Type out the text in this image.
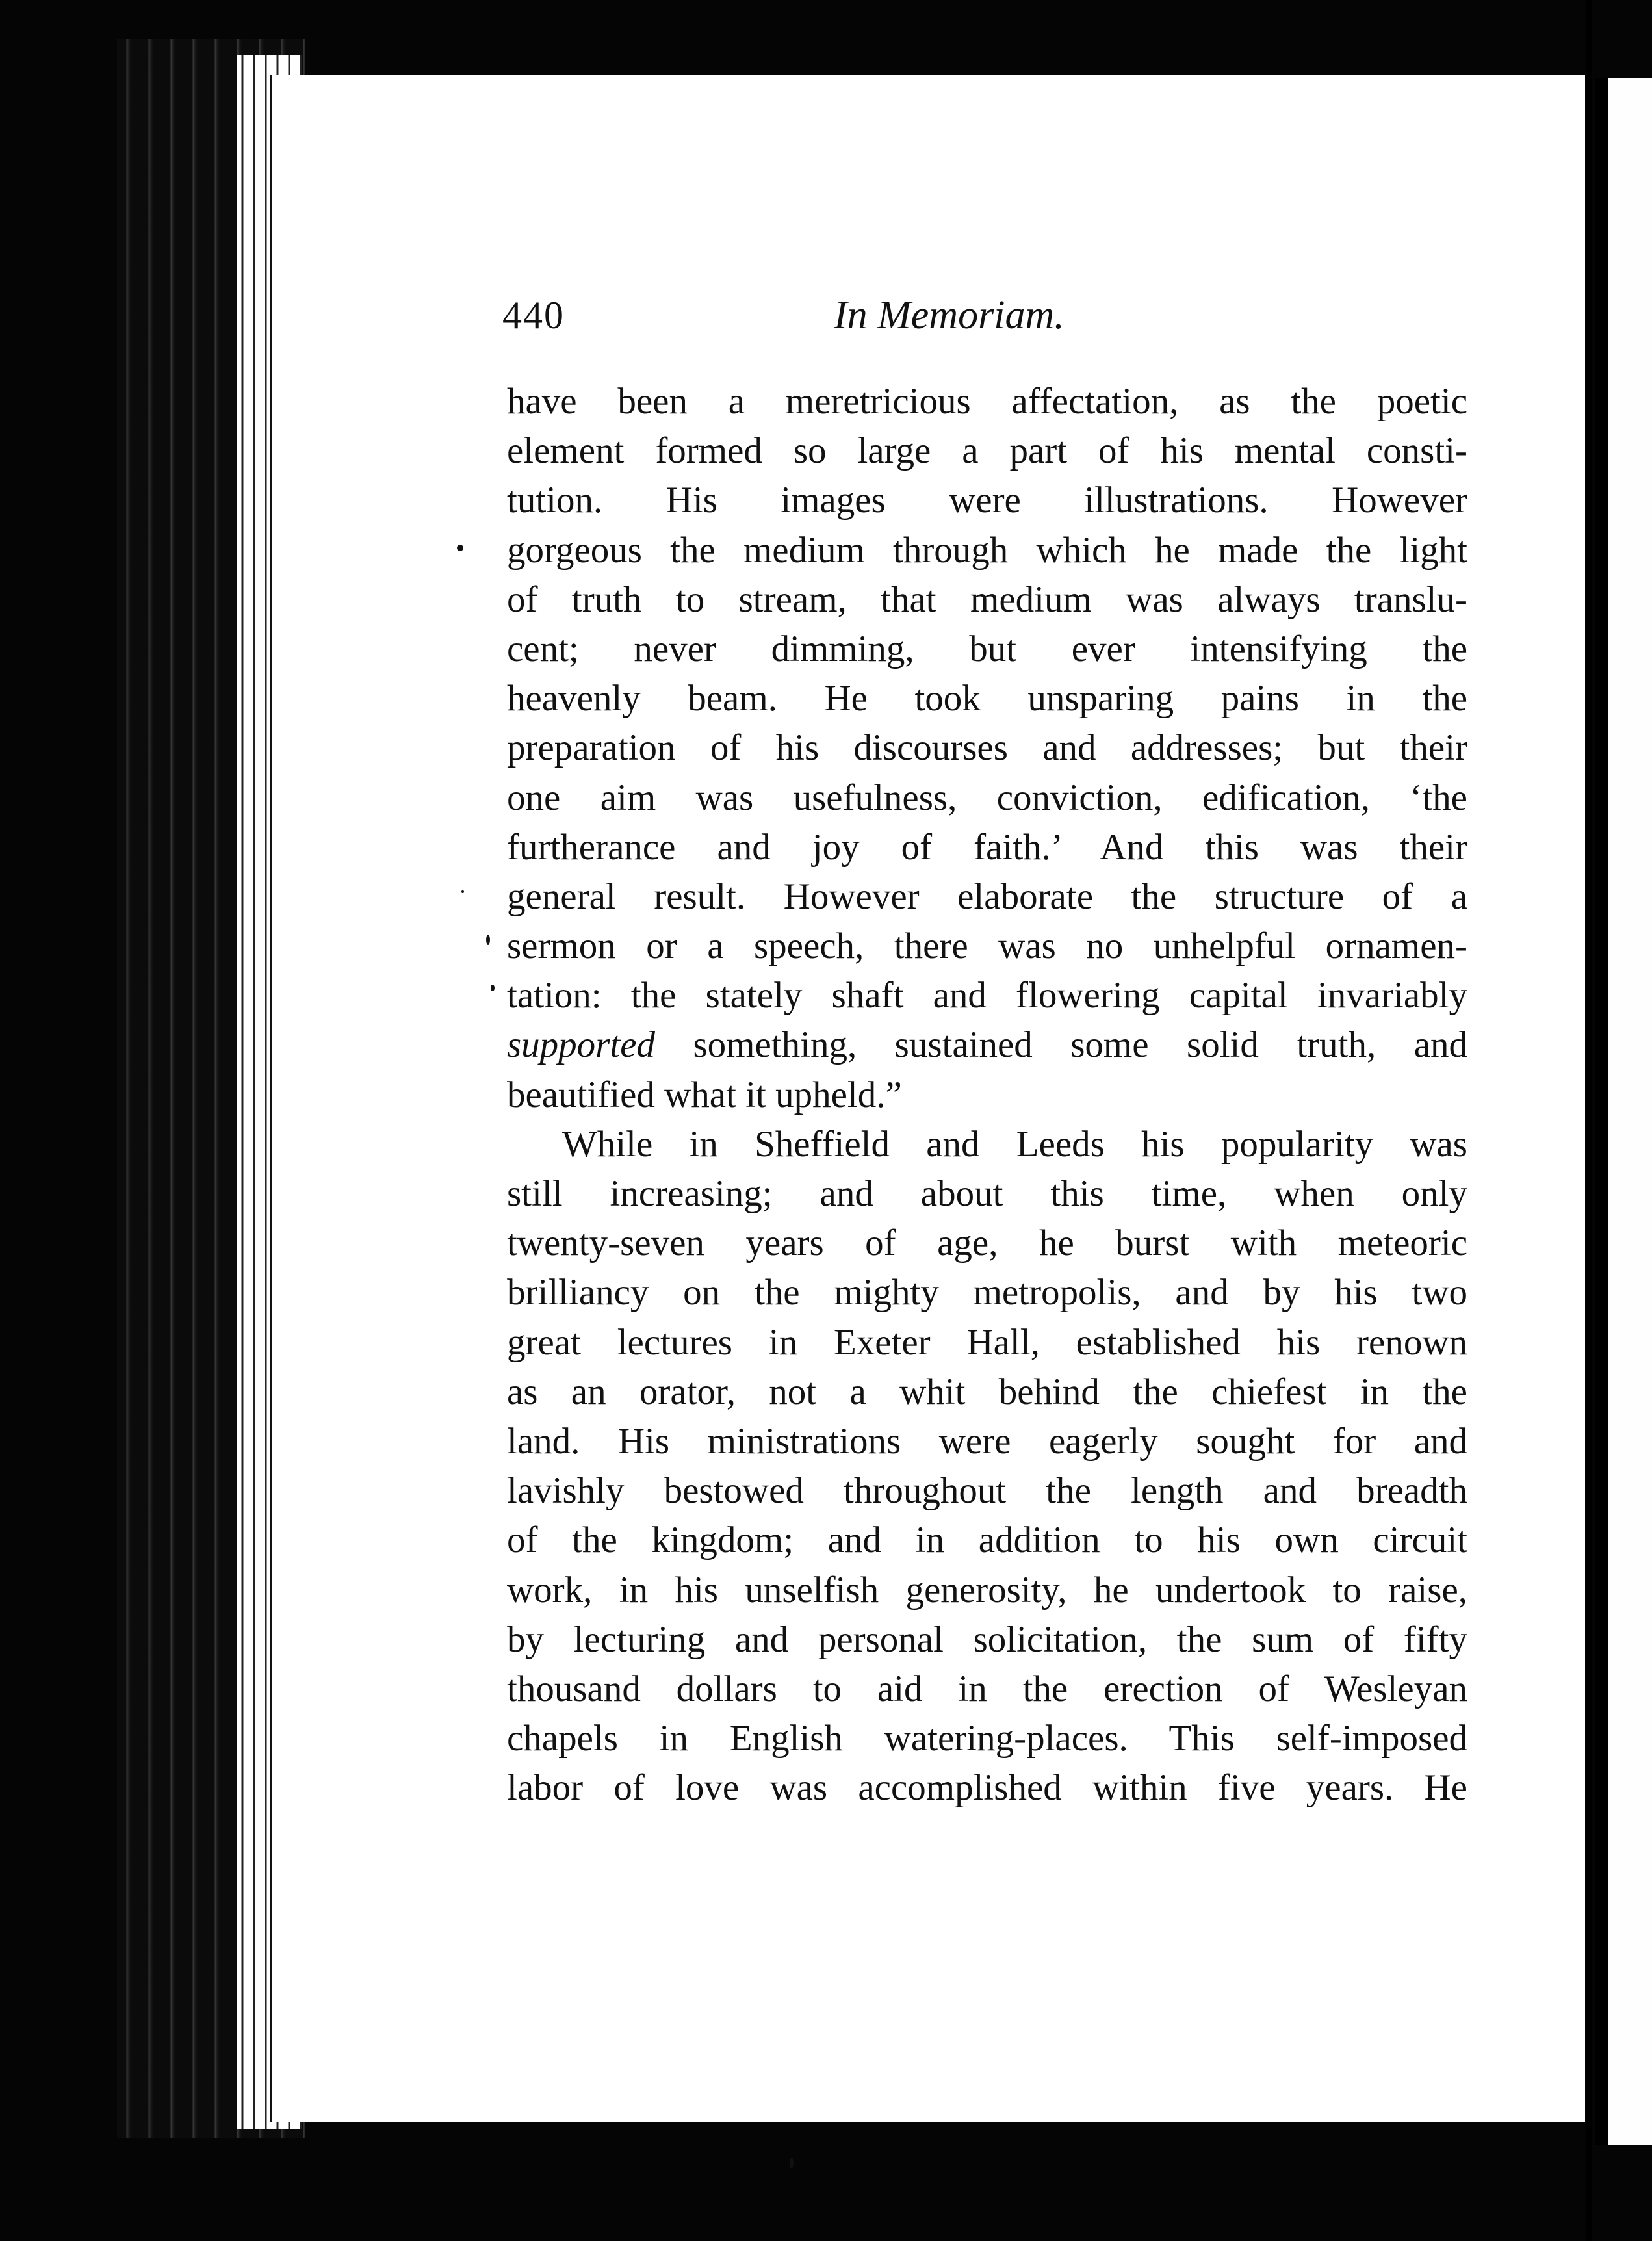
440	In Memoriam.
have been a meretricious affectation, as the poetic
element formed so large a part of his mental consti-
tution. His images were illustrations. However
gorgeous the medium through which he made the light
of truth to stream, that medium was always translu-
cent; never dimming, but ever intensifying the
heavenly beam. He took unsparing pains in the
preparation of his discourses and addresses; but their
one aim was usefulness, conviction, edification, ‘the
furtherance and joy of faith.’ And this was their
general result. However elaborate the structure of a
sermon or a speech, there was no unhelpful ornamen-
tation: the stately shaft and flowering capital invariably
supported something, sustained some solid truth, and
beautified what it upheld.”
While in Sheffield and Leeds his popularity was
still increasing; and about this time, when only
twenty-seven years of age, he burst with meteoric
brilliancy on the mighty metropolis, and by his two
great lectures in Exeter Hall, established his renown
as an orator, not a whit behind the chiefest in the
land. His ministrations were eagerly sought for and
lavishly bestowed throughout the length and breadth
of the kingdom; and in addition to his own circuit
work, in his unselfish generosity, he undertook to raise,
by lecturing and personal solicitation, the sum of fifty
thousand dollars to aid in the erection of Wesleyan
chapels in English watering-places. This self-imposed
labor of love was accomplished within five years. He
